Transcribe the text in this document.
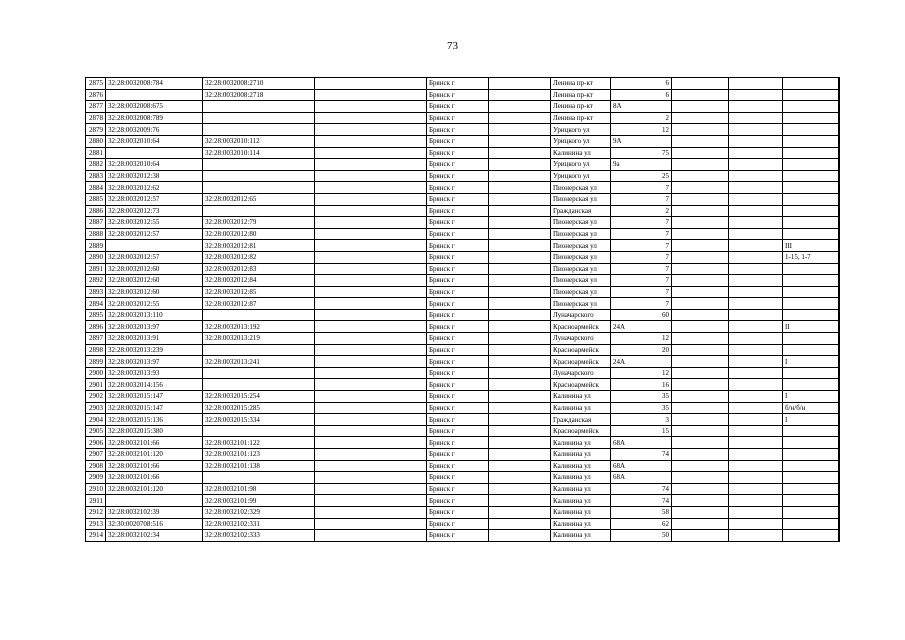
73
2875	32:28:0032008:784	32:28:0032008:2710		Брянск г		Ленина пр-кт	6				
2876		32:28:0032008:2718		Брянск г		Ленина пр-кт	6				
2877	32:28:0032008:675			Брянск г		Ленина пр-кт	8А				
2878	32:28:0032008:789			Брянск г		Ленина пр-кт	2				
2879	32:28:0032009:76			Брянск г		Урицкого ул	12				
2880	32:28:0032010:64	32:28:0032010:112		Брянск г		Урицкого ул	9А				
2881		32:28:0032010:114		Брянск г		Калинина ул	75				
2882	32:28:0032010:64			Брянск г		Урицкого ул	9а				
2883	32:28:0032012:38			Брянск г		Урицкого ул	25				
2884	32:28:0032012:62			Брянск г		Пионерская ул	7				
2885	32:28:0032012:57	32:28:0032012:65		Брянск г		Пионерская ул	7				
2886	32:28:0032012:73			Брянск г		Гражданская	2				
2887	32:28:0032012:55	32:28:0032012:79		Брянск г		Пионерская ул	7				
2888	32:28:0032012:57	32:28:0032012:80		Брянск г		Пионерская ул	7				
2889		32:28:0032012:81		Брянск г		Пионерская ул	7			III	
2890	32:28:0032012:57	32:28:0032012:82		Брянск г		Пионерская ул	7			1-15, 1-7	
2891	32:28:0032012:60	32:28:0032012:83		Брянск г		Пионерская ул	7				
2892	32:28:0032012:60	32:28:0032012:84		Брянск г		Пионерская ул	7				
2893	32:28:0032012:60	32:28:0032012:85		Брянск г		Пионерская ул	7				
2894	32:28:0032012:55	32:28:0032012:87		Брянск г		Пионерская ул	7				
2895	32:28:0032013:110			Брянск г		Луначарского	60				
2896	32:28:0032013:97	32:28:0032013:192		Брянск г		Красноармейск	24А			II	
2897	32:28:0032013:91	32:28:0032013:219		Брянск г		Луначарского	12				
2898	32:28:0032013:239			Брянск г		Красноармейск	20				
2899	32:28:0032013:97	32:28:0032013:241		Брянск г		Красноармейск	24А			I	
2900	32:28:0032013:93			Брянск г		Луначарского	12				
2901	32:28:0032014:156			Брянск г		Красноармейск	16				
2902	32:28:0032015:147	32:28:0032015:254		Брянск г		Калинина ул	35			I	
2903	32:28:0032015:147	32:28:0032015:285		Брянск г		Калинина ул	35			б/н/б/н	
2904	32:28:0032015:136	32:28:0032015:334		Брянск г		Гражданская	3			I	
2905	32:28:0032015:380			Брянск г		Красноармейск	15				
2906	32:28:0032101:66	32:28:0032101:122		Брянск г		Калинина ул	68А				
2907	32:28:0032101:120	32:28:0032101:123		Брянск г		Калинина ул	74				
2908	32:28:0032101:66	32:28:0032101:138		Брянск г		Калинина ул	68А				
2909	32:28:0032101:66			Брянск г		Калинина ул	68А				
2910	32:28:0032101:120	32:28:0032101:98		Брянск г		Калинина ул	74				
2911		32:28:0032101:99		Брянск г		Калинина ул	74				
2912	32:28:0032102:39	32:28:0032102:329		Брянск г		Калинина ул	58				
2913	32:30:0020708:516	32:28:0032102:331		Брянск г		Калинина ул	62				
2914	32:28:0032102:34	32:28:0032102:333		Брянск г		Калинина ул	50				
